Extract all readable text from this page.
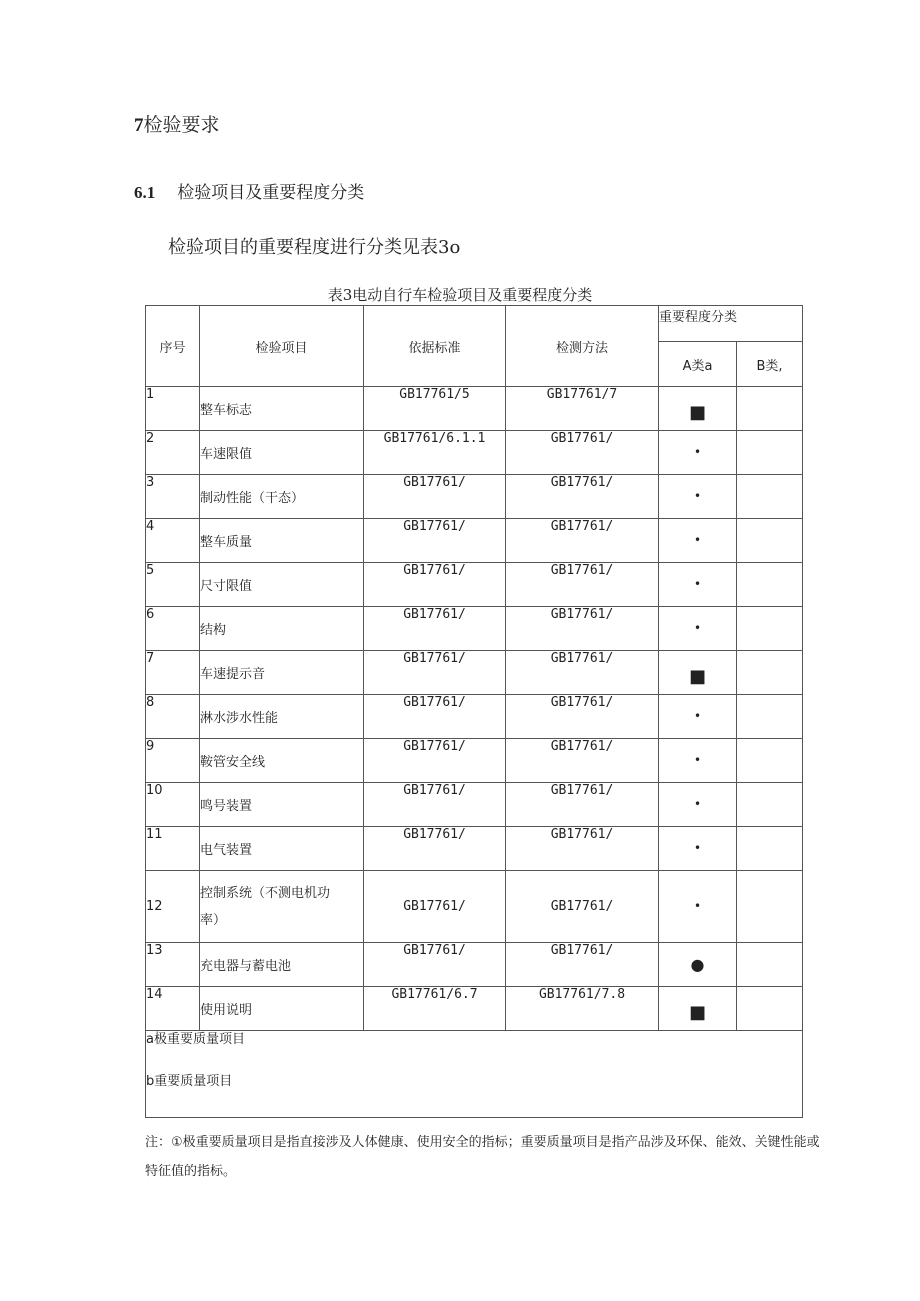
7检验要求
6.1 检验项目及重要程度分类
检验项目的重要程度进行分类见表3o
表3电动自行车检验项目及重要程度分类
序号	检验项目	依据标准	检测方法	重要程度分类	
				A类a	B类,
1	整车标志	GB17761/5	GB17761/7	■	
2	车速限值	GB17761/6.1.1	GB17761/	•	
3	制动性能（干态）	GB17761/	GB17761/	•	
4	整车质量	GB17761/	GB17761/	•	
5	尺寸限值	GB17761/	GB17761/	•	
6	结构	GB17761/	GB17761/	•	
7	车速提示音	GB17761/	GB17761/	■	
8	淋水涉水性能	GB17761/	GB17761/	•	
9	鞍管安全线	GB17761/	GB17761/	•	
10	鸣号装置	GB17761/	GB17761/	•	
11	电气装置	GB17761/	GB17761/	•	
12	控制系统（不测电机功
率）	GB17761/	GB17761/	•	
13	充电器与蓄电池	GB17761/	GB17761/	●	
14	使用说明	GB17761/6.7	GB17761/7.8	■	

a极重要质量项目
b重要质量项目					
注：①极重要质量项目是指直接涉及人体健康、使用安全的指标；重要质量项目是指产品涉及环保、能效、关键性能或特征值的指标。
